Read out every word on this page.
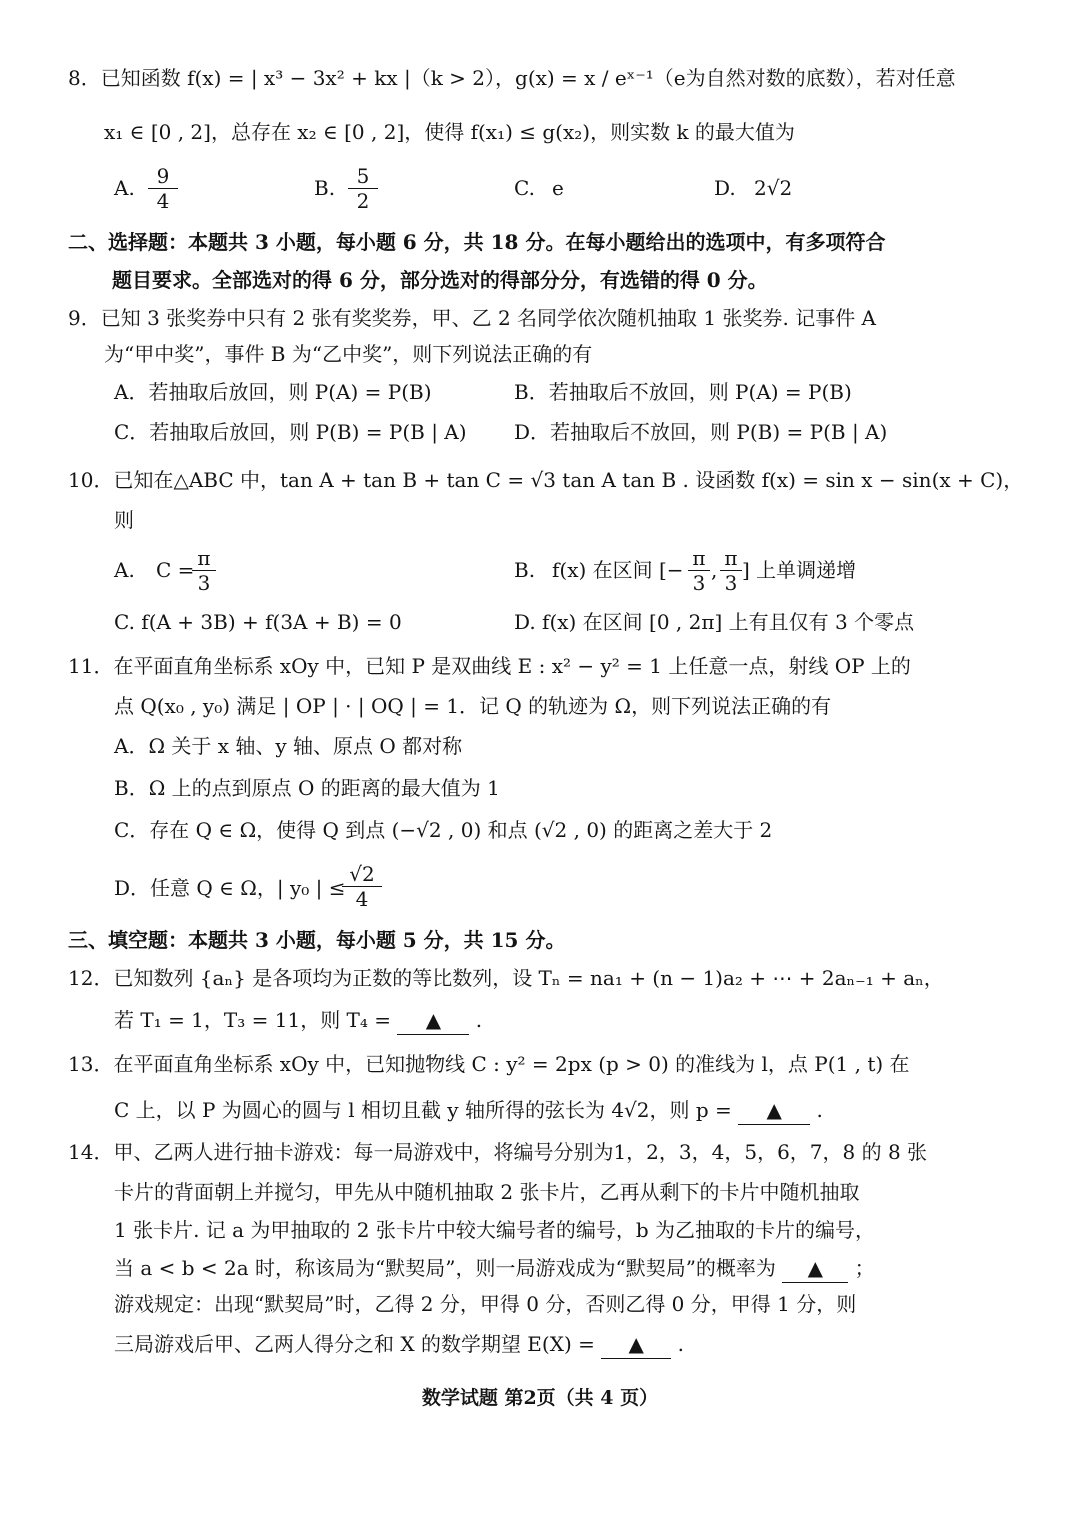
8．已知函数 f(x) = | x³ − 3x² + kx |（k > 2），g(x) = x / eˣ⁻¹（e为自然对数的底数），若对任意
x₁ ∈ [0 , 2]，总存在 x₂ ∈ [0 , 2]，使得 f(x₁) ≤ g(x₂)，则实数 k 的最大值为
A. $\frac{9}{4}$	B. $\frac{5}{2}$	C. e	D. 2√2
二、选择题：本题共 3 小题，每小题 6 分，共 18 分。在每小题给出的选项中，有多项符合
题目要求。全部选对的得 6 分，部分选对的得部分分，有选错的得 0 分。
9．已知 3 张奖券中只有 2 张有奖奖券，甲、乙 2 名同学依次随机抽取 1 张奖券. 记事件 A
为“甲中奖”，事件 B 为“乙中奖”，则下列说法正确的有
A．若抽取后放回，则 P(A) = P(B)	B．若抽取后不放回，则 P(A) = P(B)
C．若抽取后放回，则 P(B) = P(B | A) D．若抽取后不放回，则 P(B) = P(B | A)
10．已知在△ABC 中，tan A + tan B + tan C = √3 tan A tan B . 设函数 f(x) = sin x − sin(x + C)，
则
A. C =
$\frac{\pi}{3}$	B. f(x) 在区间 [− $\frac{\pi}{3}$ , $\frac{\pi}{3}$ ] 上单调递增
C. f(A + 3B) + f(3A + B) = 0	D. f(x) 在区间 [0 , 2π] 上有且仅有 3 个零点
11．在平面直角坐标系 xOy 中，已知 P 是双曲线 E : x² − y² = 1 上任意一点，射线 OP 上的
点 Q(x₀ , y₀) 满足 | OP | · | OQ | = 1．记 Q 的轨迹为 Ω，则下列说法正确的有
A．Ω 关于 x 轴、y 轴、原点 O 都对称
B．Ω 上的点到原点 O 的距离的最大值为 1
C．存在 Q ∈ Ω，使得 Q 到点 (−√2 , 0) 和点 (√2 , 0) 的距离之差大于 2
D．任意 Q ∈ Ω，| y₀ | ≤
$\frac{√2}{4}$
三、填空题：本题共 3 小题，每小题 5 分，共 15 分。
12．已知数列 {aₙ} 是各项均为正数的等比数列，设 Tₙ = na₁ + (n − 1)a₂ + ⋯ + 2aₙ₋₁ + aₙ，
若 T₁ = 1，T₃ = 11，则 T₄ = ▲ .
13．在平面直角坐标系 xOy 中，已知抛物线 C : y² = 2px (p > 0) 的准线为 l，点 P(1 , t) 在
C 上，以 P 为圆心的圆与 l 相切且截 y 轴所得的弦长为 4√2，则 p = ▲ .
14．甲、乙两人进行抽卡游戏：每一局游戏中，将编号分别为1，2，3，4，5，6，7，8 的 8 张
卡片的背面朝上并搅匀，甲先从中随机抽取 2 张卡片，乙再从剩下的卡片中随机抽取
1 张卡片. 记 a 为甲抽取的 2 张卡片中较大编号者的编号，b 为乙抽取的卡片的编号，
当 a < b < 2a 时，称该局为“默契局”，则一局游戏成为“默契局”的概率为 ▲ ；
游戏规定：出现“默契局”时，乙得 2 分，甲得 0 分，否则乙得 0 分，甲得 1 分，则
三局游戏后甲、乙两人得分之和 X 的数学期望 E(X) = ▲ .
数学试题 第2页（共 4 页）
